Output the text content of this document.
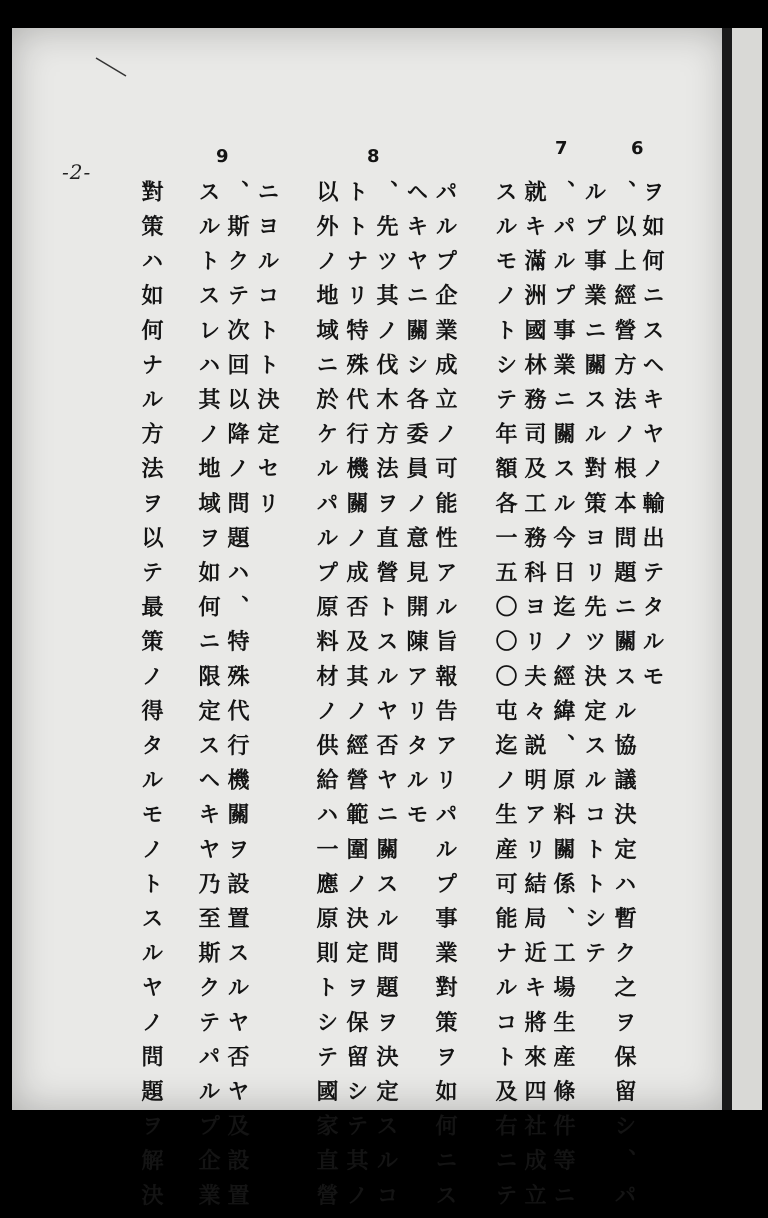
-2-
ヲ如何ニスヘキヤノ輸出テタルモ
、以上經營方法ノ根本問題ニ關スル協議決定ハ暫ク之ヲ保留シ、パ
ルプ事業ニ關スル對策ヨリ先ツ決定スルコトトシテ
、パルプ事業ニ關スル今日迄ノ經緯、原料關係、工場生産條件等ニ
就キ滿洲國林務司及工務科ヨリ夫々説明アリ結局近キ將來四社成立
スルモノトシテ年額各一五〇〇〇屯迄ノ生産可能ナルコト及右ニテ
パルプ企業成立ノ可能性アル旨報告アリパルプ事業對策ヲ如何ニス
ヘキヤニ關シ各委員ノ意見開陳アリタルモ
、先ツ其ノ伐木方法ヲ直營トスルヤ否ヤニ關スル問題ヲ決定スルコ
トトナリ特殊代行機關ノ成否及其ノ經營範圍ノ決定ヲ保留シテ其ノ
以外ノ地域ニ於ケルパルプ原料材ノ供給ハ一應原則トシテ國家直營
ニヨルコトト決定セリ
、斯クテ次回以降ノ問題ハ、特殊代行機關ヲ設置スルヤ否ヤ及設置
スルトスレハ其ノ地域ヲ如何ニ限定スヘキヤ乃至斯クテパルプ企業
對策ハ如何ナル方法ヲ以テ最策ノ得タルモノトスルヤノ問題ヲ解決
6
7
8
9
